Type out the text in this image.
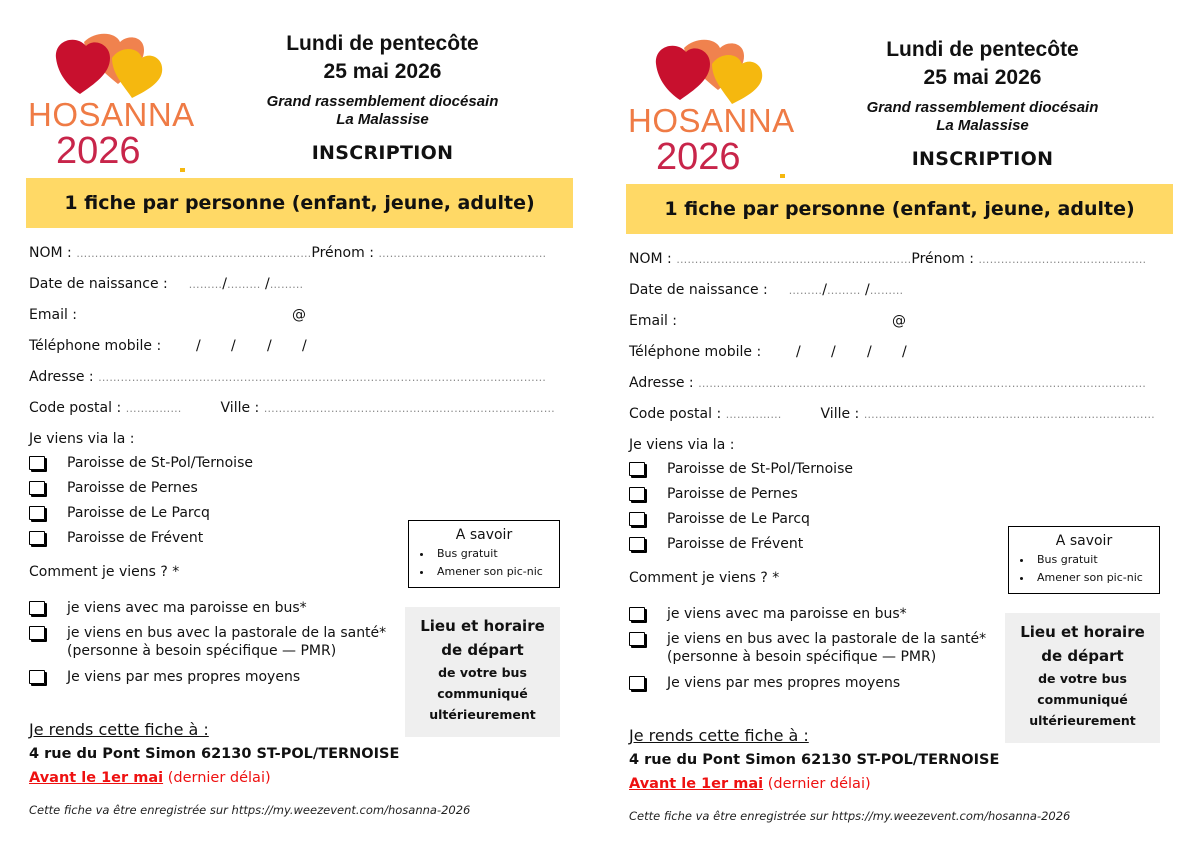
HOSANNA
2026
Lundi de pentecôte
25 mai 2026
Grand rassemblement diocésain
La Malassise
INSCRIPTION
1 fiche par personne (enfant, jeune, adulte)
NOM : ………………………………………………………Prénom : ………………………………………
Date de naissance : ………/……… /………
Email :	@
Téléphone mobile : / / / /
Adresse : …………………………………………………………………………………………………………
Code postal : ……………	Ville : ……………………………………………………………………
Je viens via la :
Paroisse de St-Pol/Ternoise
Paroisse de Pernes
Paroisse de Le Parcq
Paroisse de Frévent
Comment je viens ? *
je viens avec ma paroisse en bus*
je viens en bus avec la pastorale de la santé*
(personne à besoin spécifique — PMR)
Je viens par mes propres moyens
A savoir
• Bus gratuit
• Amener son pic-nic
Lieu et horaire
de départ
de votre bus
communiqué
ultérieurement
Je rends cette fiche à :
4 rue du Pont Simon 62130 ST-POL/TERNOISE
Avant le 1er mai (dernier délai)
Cette fiche va être enregistrée sur https://my.weezevent.com/hosanna-2026
HOSANNA
2026
Lundi de pentecôte
25 mai 2026
Grand rassemblement diocésain
La Malassise
INSCRIPTION
1 fiche par personne (enfant, jeune, adulte)
NOM : ………………………………………………………Prénom : ………………………………………
Date de naissance : ………/……… /………
Email :	@
Téléphone mobile : / / / /
Adresse : …………………………………………………………………………………………………………
Code postal : ……………	Ville : ……………………………………………………………………
Je viens via la :
Paroisse de St-Pol/Ternoise
Paroisse de Pernes
Paroisse de Le Parcq
Paroisse de Frévent
Comment je viens ? *
je viens avec ma paroisse en bus*
je viens en bus avec la pastorale de la santé*
(personne à besoin spécifique — PMR)
Je viens par mes propres moyens
A savoir
• Bus gratuit
• Amener son pic-nic
Lieu et horaire
de départ
de votre bus
communiqué
ultérieurement
Je rends cette fiche à :
4 rue du Pont Simon 62130 ST-POL/TERNOISE
Avant le 1er mai (dernier délai)
Cette fiche va être enregistrée sur https://my.weezevent.com/hosanna-2026
